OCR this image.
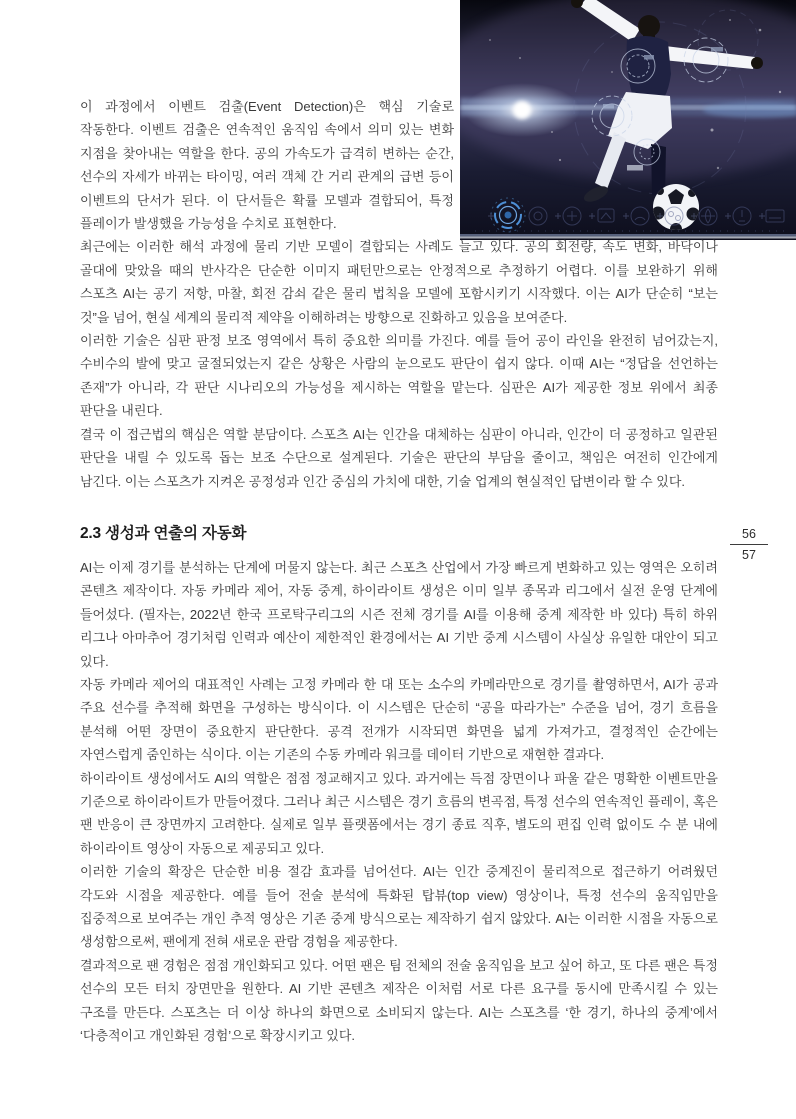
56
57

이 과정에서 이벤트 검출(Event Detection)은 핵심 기술로 작동한다. 이벤트 검출은 연속적인 움직임 속에서 의미 있는 변화 지점을 찾아내는 역할을 한다. 공의 가속도가 급격히 변하는 순간, 선수의 자세가 바뀌는 타이밍, 여러 객체 간 거리 관계의 급변 등이 이벤트의 단서가 된다. 이 단서들은 확률 모델과 결합되어, 특정 플레이가 발생했을 가능성을 수치로 표현한다.

최근에는 이러한 해석 과정에 물리 기반 모델이 결합되는 사례도 늘고 있다. 공의 회전량, 속도 변화, 바닥이나 골대에 맞았을 때의 반사각은 단순한 이미지 패턴만으로는 안정적으로 추정하기 어렵다. 이를 보완하기 위해 스포츠 AI는 공기 저항, 마찰, 회전 감쇠 같은 물리 법칙을 모델에 포함시키기 시작했다. 이는 AI가 단순히 “보는 것”을 넘어, 현실 세계의 물리적 제약을 이해하려는 방향으로 진화하고 있음을 보여준다.

이러한 기술은 심판 판정 보조 영역에서 특히 중요한 의미를 가진다. 예를 들어 공이 라인을 완전히 넘어갔는지, 수비수의 발에 맞고 굴절되었는지 같은 상황은 사람의 눈으로도 판단이 쉽지 않다. 이때 AI는 “정답을 선언하는 존재”가 아니라, 각 판단 시나리오의 가능성을 제시하는 역할을 맡는다. 심판은 AI가 제공한 정보 위에서 최종 판단을 내린다.

결국 이 접근법의 핵심은 역할 분담이다. 스포츠 AI는 인간을 대체하는 심판이 아니라, 인간이 더 공정하고 일관된 판단을 내릴 수 있도록 돕는 보조 수단으로 설계된다. 기술은 판단의 부담을 줄이고, 책임은 여전히 인간에게 남긴다. 이는 스포츠가 지켜온 공정성과 인간 중심의 가치에 대한, 기술 업계의 현실적인 답변이라 할 수 있다.

2.3 생성과 연출의 자동화

AI는 이제 경기를 분석하는 단계에 머물지 않는다. 최근 스포츠 산업에서 가장 빠르게 변화하고 있는 영역은 오히려 콘텐츠 제작이다. 자동 카메라 제어, 자동 중계, 하이라이트 생성은 이미 일부 종목과 리그에서 실전 운영 단계에 들어섰다. (필자는, 2022년 한국 프로탁구리그의 시즌 전체 경기를 AI를 이용해 중계 제작한 바 있다) 특히 하위 리그나 아마추어 경기처럼 인력과 예산이 제한적인 환경에서는 AI 기반 중계 시스템이 사실상 유일한 대안이 되고 있다.

자동 카메라 제어의 대표적인 사례는 고정 카메라 한 대 또는 소수의 카메라만으로 경기를 촬영하면서, AI가 공과 주요 선수를 추적해 화면을 구성하는 방식이다. 이 시스템은 단순히 “공을 따라가는” 수준을 넘어, 경기 흐름을 분석해 어떤 장면이 중요한지 판단한다. 공격 전개가 시작되면 화면을 넓게 가져가고, 결정적인 순간에는 자연스럽게 줌인하는 식이다. 이는 기존의 수동 카메라 워크를 데이터 기반으로 재현한 결과다.

하이라이트 생성에서도 AI의 역할은 점점 정교해지고 있다. 과거에는 득점 장면이나 파울 같은 명확한 이벤트만을 기준으로 하이라이트가 만들어졌다. 그러나 최근 시스템은 경기 흐름의 변곡점, 특정 선수의 연속적인 플레이, 혹은 팬 반응이 큰 장면까지 고려한다. 실제로 일부 플랫폼에서는 경기 종료 직후, 별도의 편집 인력 없이도 수 분 내에 하이라이트 영상이 자동으로 제공되고 있다.

이러한 기술의 확장은 단순한 비용 절감 효과를 넘어선다. AI는 인간 중계진이 물리적으로 접근하기 어려웠던 각도와 시점을 제공한다. 예를 들어 전술 분석에 특화된 탑뷰(top view) 영상이나, 특정 선수의 움직임만을 집중적으로 보여주는 개인 추적 영상은 기존 중계 방식으로는 제작하기 쉽지 않았다. AI는 이러한 시점을 자동으로 생성함으로써, 팬에게 전혀 새로운 관람 경험을 제공한다.

결과적으로 팬 경험은 점점 개인화되고 있다. 어떤 팬은 팀 전체의 전술 움직임을 보고 싶어 하고, 또 다른 팬은 특정 선수의 모든 터치 장면만을 원한다. AI 기반 콘텐츠 제작은 이처럼 서로 다른 요구를 동시에 만족시킬 수 있는 구조를 만든다. 스포츠는 더 이상 하나의 화면으로 소비되지 않는다. AI는 스포츠를 ‘한 경기, 하나의 중계’에서 ‘다층적이고 개인화된 경험’으로 확장시키고 있다.
